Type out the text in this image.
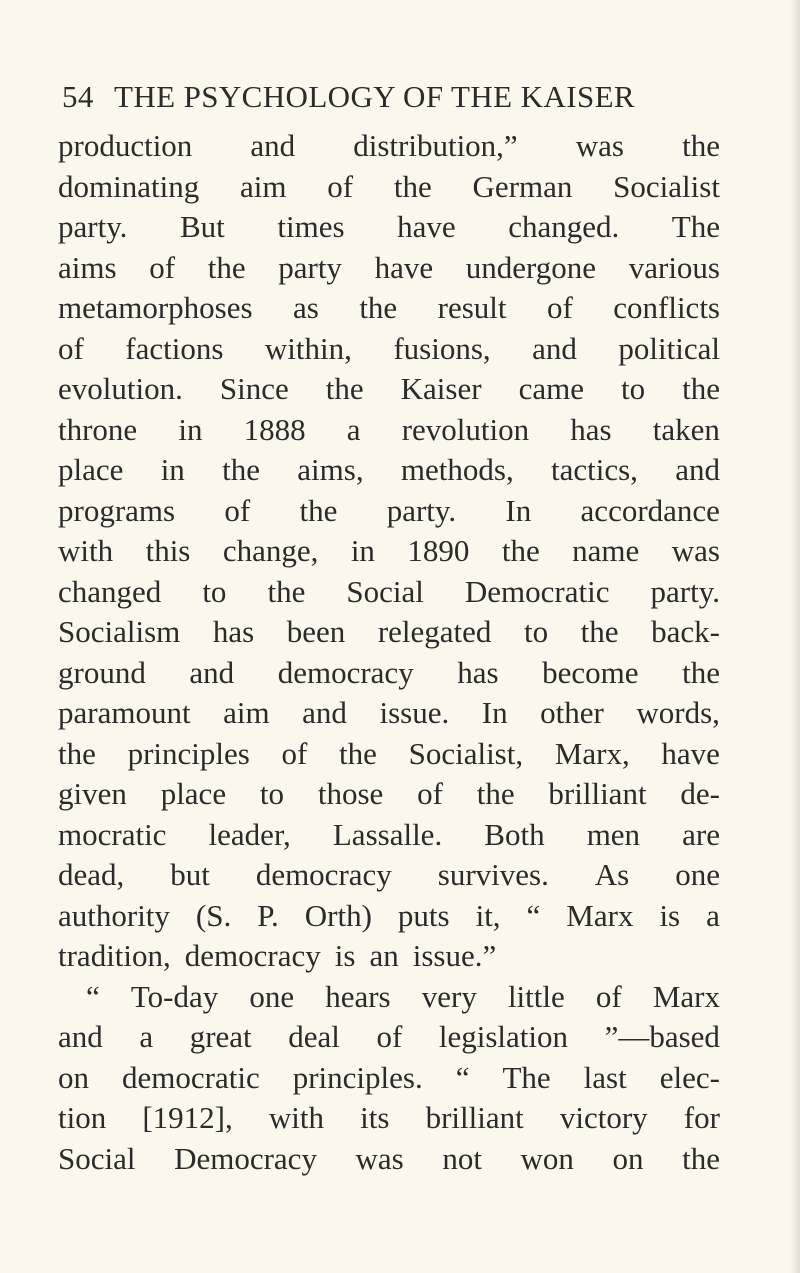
54 THE PSYCHOLOGY OF THE KAISER
production and distribution,” was the
dominating aim of the German Socialist
party. But times have changed. The
aims of the party have undergone various
metamorphoses as the result of conflicts
of factions within, fusions, and political
evolution. Since the Kaiser came to the
throne in 1888 a revolution has taken
place in the aims, methods, tactics, and
programs of the party. In accordance
with this change, in 1890 the name was
changed to the Social Democratic party.
Socialism has been relegated to the back-
ground and democracy has become the
paramount aim and issue. In other words,
the principles of the Socialist, Marx, have
given place to those of the brilliant de-
mocratic leader, Lassalle. Both men are
dead, but democracy survives. As one
authority (S. P. Orth) puts it, “ Marx is a
tradition, democracy is an issue.”
“ To-day one hears very little of Marx
and a great deal of legislation ”—based
on democratic principles. “ The last elec-
tion [1912], with its brilliant victory for
Social Democracy was not won on the
